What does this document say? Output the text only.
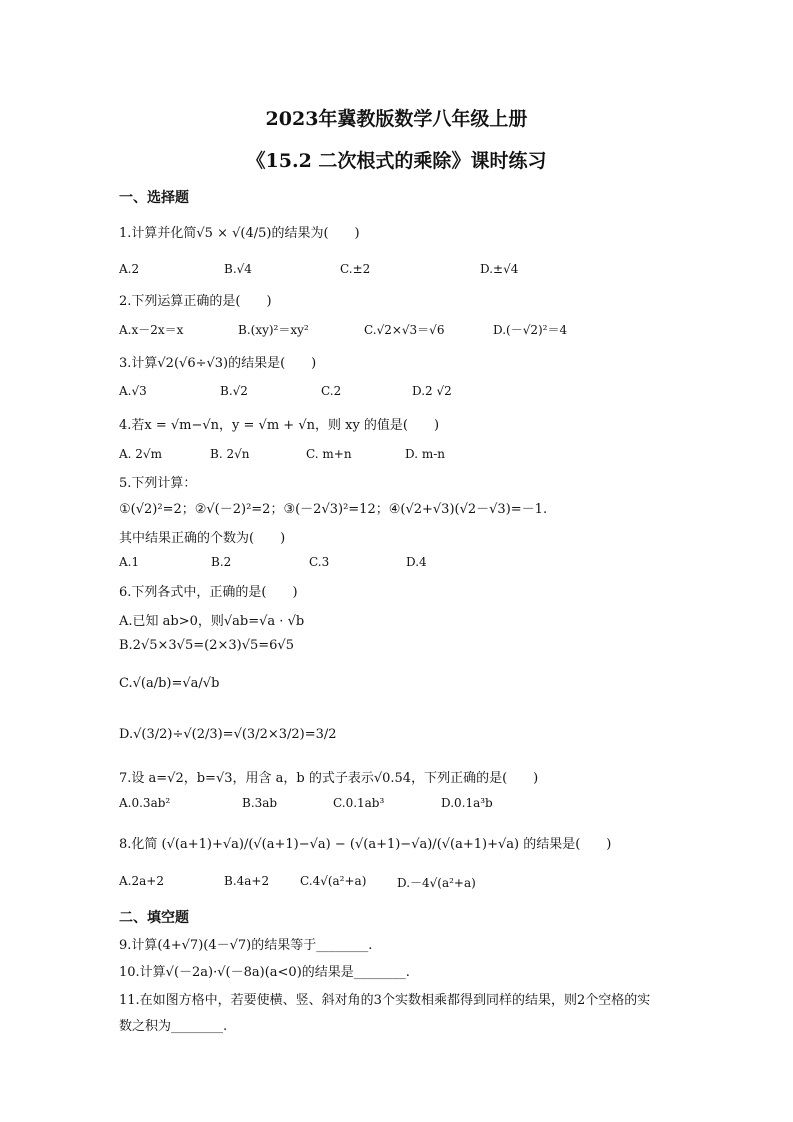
2023年冀教版数学八年级上册
《15.2 二次根式的乘除》课时练习
一、选择题
1.计算并化简√5 × √(4/5)的结果为(　　)
A.2	B.√4	C.±2	D.±√4
2.下列运算正确的是(　　)
A.x－2x＝x	B.(xy)²＝xy²	C.√2×√3＝√6	D.(－√2)²＝4
3.计算√2(√6÷√3)的结果是(　　)
A.√3	B.√2	C.2	D.2 √2
4.若x = √m−√n，y = √m + √n，则 xy 的值是(　　)
A. 2√m	B. 2√n	C. m+n	D. m-n
5.下列计算：
①(√2)²=2；②√(－2)²=2；③(－2√3)²=12；④(√2+√3)(√2－√3)=－1.
其中结果正确的个数为(　　)
A.1	B.2	C.3	D.4
6.下列各式中，正确的是(　　)
A.已知 ab>0，则√ab=√a · √b
B.2√5×3√5=(2×3)√5=6√5
C.√(a/b)=√a/√b
D.√(3/2)÷√(2/3)=√(3/2×3/2)=3/2
7.设 a=√2，b=√3，用含 a，b 的式子表示√0.54，下列正确的是(　　)
A.0.3ab²	B.3ab	C.0.1ab³	D.0.1a³b
8.化简 (√(a+1)+√a)/(√(a+1)−√a) − (√(a+1)−√a)/(√(a+1)+√a) 的结果是(　　)
A.2a+2	B.4a+2	C.4√(a²+a)	D.－4√(a²+a)
二、填空题
9.计算(4+√7)(4－√7)的结果等于________.
10.计算√(－2a)·√(－8a)(a<0)的结果是________.
11.在如图方格中，若要使横、竖、斜对角的3个实数相乘都得到同样的结果，则2个空格的实
数之积为________.
